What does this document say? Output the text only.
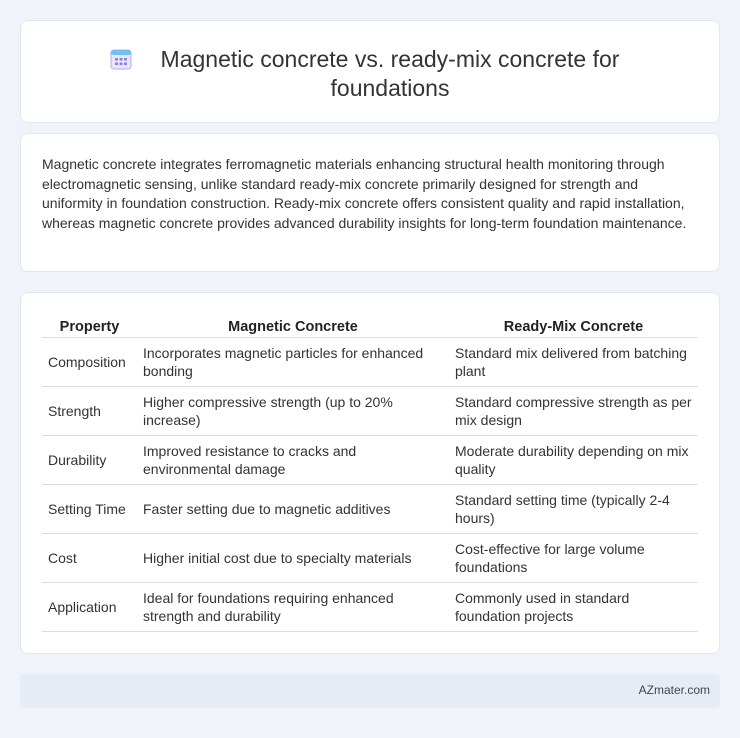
Magnetic concrete vs. ready-mix concrete for foundations

Magnetic concrete integrates ferromagnetic materials enhancing structural health monitoring through electromagnetic sensing, unlike standard ready-mix concrete primarily designed for strength and uniformity in foundation construction. Ready-mix concrete offers consistent quality and rapid installation, whereas magnetic concrete provides advanced durability insights for long-term foundation maintenance.

Property	Magnetic Concrete	Ready-Mix Concrete
Composition	Incorporates magnetic particles for enhanced bonding	Standard mix delivered from batching plant
Strength	Higher compressive strength (up to 20% increase)	Standard compressive strength as per mix design
Durability	Improved resistance to cracks and environmental damage	Moderate durability depending on mix quality
Setting Time	Faster setting due to magnetic additives	Standard setting time (typically 2-4 hours)
Cost	Higher initial cost due to specialty materials	Cost-effective for large volume foundations
Application	Ideal for foundations requiring enhanced strength and durability	Commonly used in standard foundation projects
AZmater.com
